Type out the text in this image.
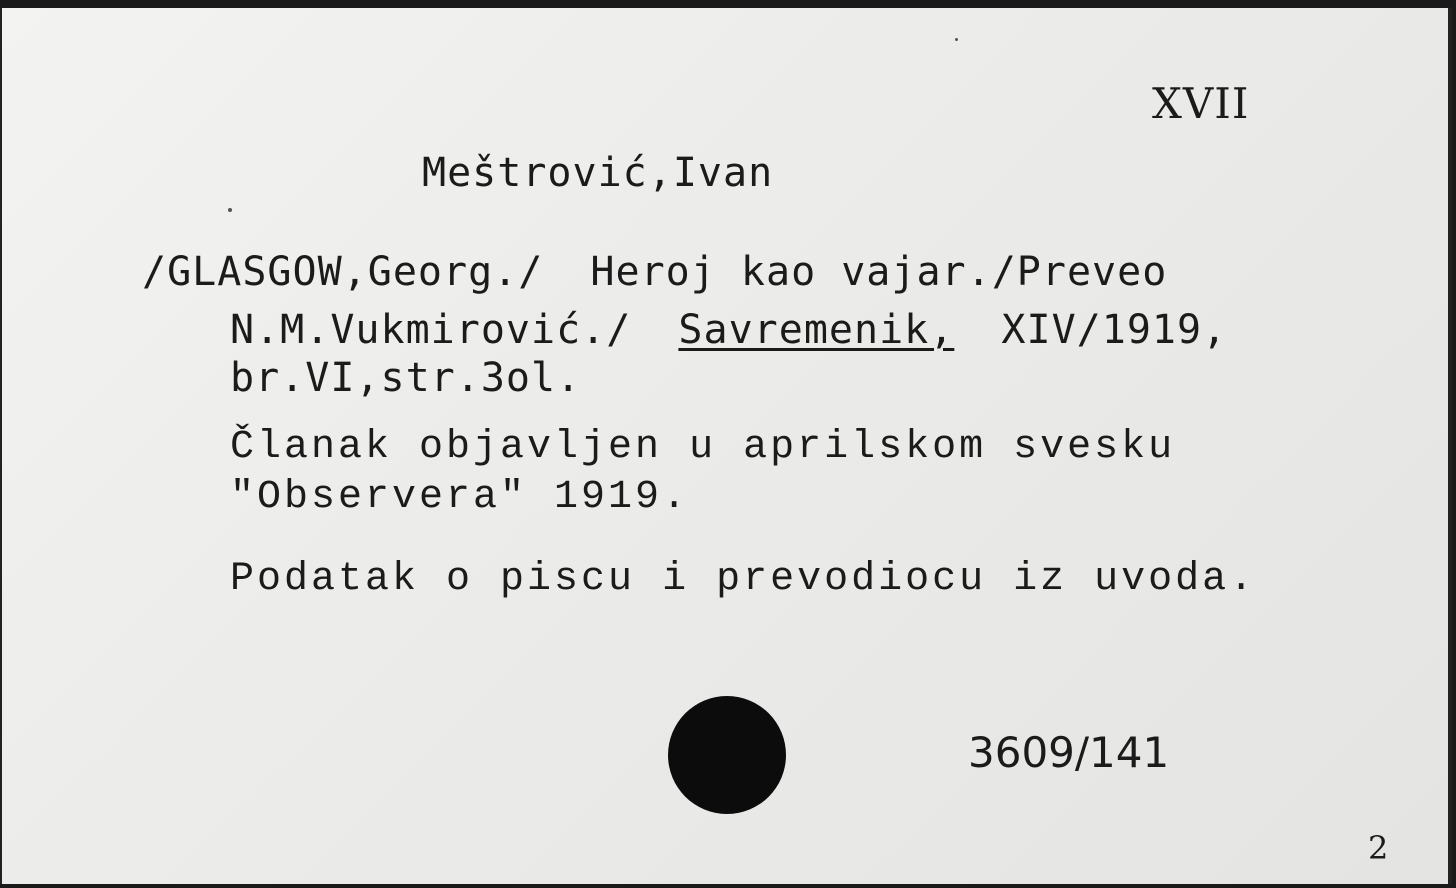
XVII
Meštrović,Ivan
/GLASGOW,Georg./ Heroj kao vajar./Preveo
N.M.Vukmirović./ Savremenik, XIV/1919,
br.VI,str.3ol.
Članak objavljen u aprilskom svesku
"Observera" 1919.
Podatak o piscu i prevodiocu iz uvoda.
3609/141
2
